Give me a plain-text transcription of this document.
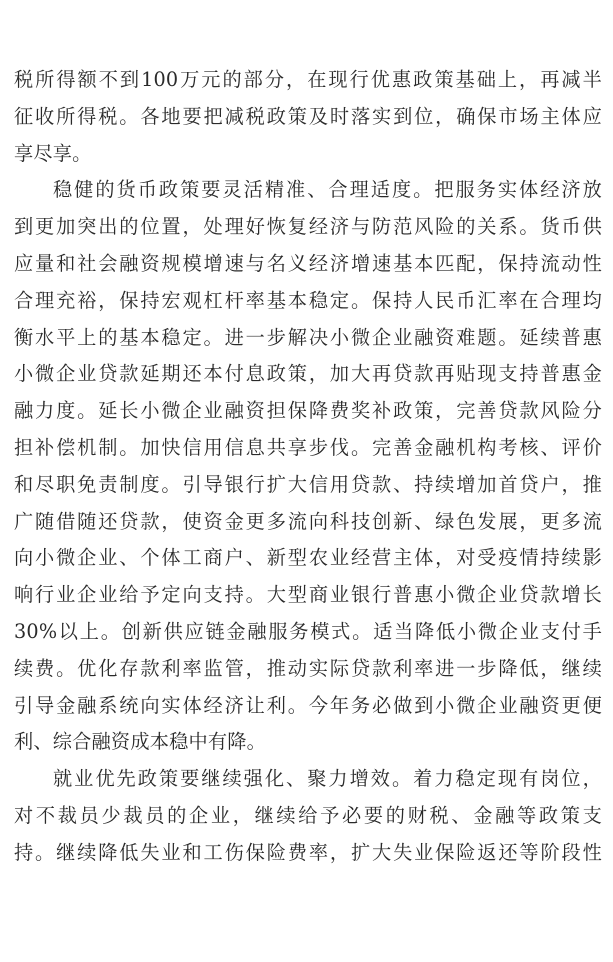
税所得额不到100万元的部分，在现行优惠政策基础上，再减半
征收所得税。各地要把减税政策及时落实到位，确保市场主体应
享尽享。
稳健的货币政策要灵活精准、合理适度。把服务实体经济放
到更加突出的位置，处理好恢复经济与防范风险的关系。货币供
应量和社会融资规模增速与名义经济增速基本匹配，保持流动性
合理充裕，保持宏观杠杆率基本稳定。保持人民币汇率在合理均
衡水平上的基本稳定。进一步解决小微企业融资难题。延续普惠
小微企业贷款延期还本付息政策，加大再贷款再贴现支持普惠金
融力度。延长小微企业融资担保降费奖补政策，完善贷款风险分
担补偿机制。加快信用信息共享步伐。完善金融机构考核、评价
和尽职免责制度。引导银行扩大信用贷款、持续增加首贷户，推
广随借随还贷款，使资金更多流向科技创新、绿色发展，更多流
向小微企业、个体工商户、新型农业经营主体，对受疫情持续影
响行业企业给予定向支持。大型商业银行普惠小微企业贷款增长
30%以上。创新供应链金融服务模式。适当降低小微企业支付手
续费。优化存款利率监管，推动实际贷款利率进一步降低，继续
引导金融系统向实体经济让利。今年务必做到小微企业融资更便
利、综合融资成本稳中有降。
就业优先政策要继续强化、聚力增效。着力稳定现有岗位，
对不裁员少裁员的企业，继续给予必要的财税、金融等政策支
持。继续降低失业和工伤保险费率，扩大失业保险返还等阶段性
